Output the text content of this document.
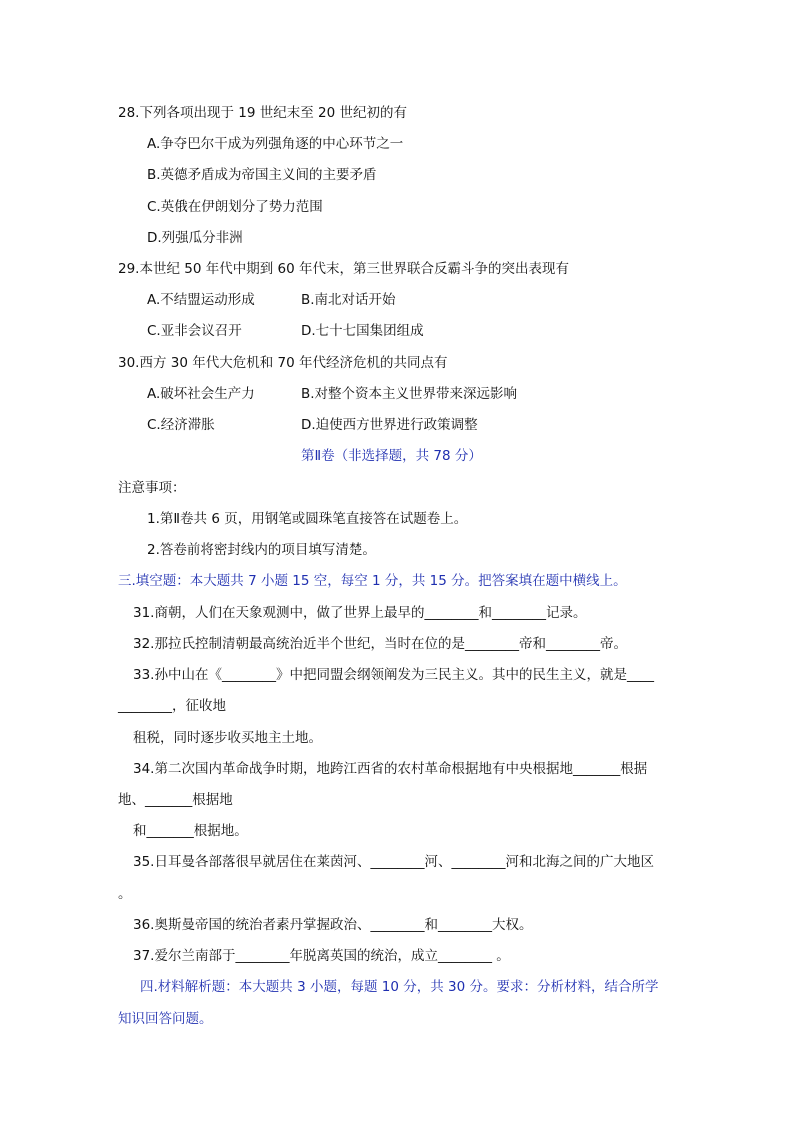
28.下列各项出现于 19 世纪末至 20 世纪初的有
A.争夺巴尔干成为列强角逐的中心环节之一
B.英德矛盾成为帝国主义间的主要矛盾
C.英俄在伊朗划分了势力范围
D.列强瓜分非洲
29.本世纪 50 年代中期到 60 年代末，第三世界联合反霸斗争的突出表现有
A.不结盟运动形成	B.南北对话开始
C.亚非会议召开	D.七十七国集团组成
30.西方 30 年代大危机和 70 年代经济危机的共同点有
A.破坏社会生产力	B.对整个资本主义世界带来深远影响
C.经济滞胀	D.迫使西方世界进行政策调整
第Ⅱ卷（非选择题，共 78 分）
注意事项：
1.第Ⅱ卷共 6 页，用钢笔或圆珠笔直接答在试题卷上。
2.答卷前将密封线内的项目填写清楚。
三.填空题：本大题共 7 小题 15 空，每空 1 分，共 15 分。把答案填在题中横线上。
31.商朝，人们在天象观测中，做了世界上最早的________和________记录。
32.那拉氏控制清朝最高统治近半个世纪，当时在位的是________帝和________帝。
33.孙中山在《________》中把同盟会纲领阐发为三民主义。其中的民生主义，就是____
________，征收地
租税，同时逐步收买地主土地。
34.第二次国内革命战争时期，地跨江西省的农村革命根据地有中央根据地_______根据
地、_______根据地
和_______根据地。
35.日耳曼各部落很早就居住在莱茵河、________河、________河和北海之间的广大地区
。
36.奥斯曼帝国的统治者素丹掌握政治、________和________大权。
37.爱尔兰南部于________年脱离英国的统治，成立________ 。
四.材料解析题：本大题共 3 小题，每题 10 分，共 30 分。要求：分析材料，结合所学
知识回答问题。
